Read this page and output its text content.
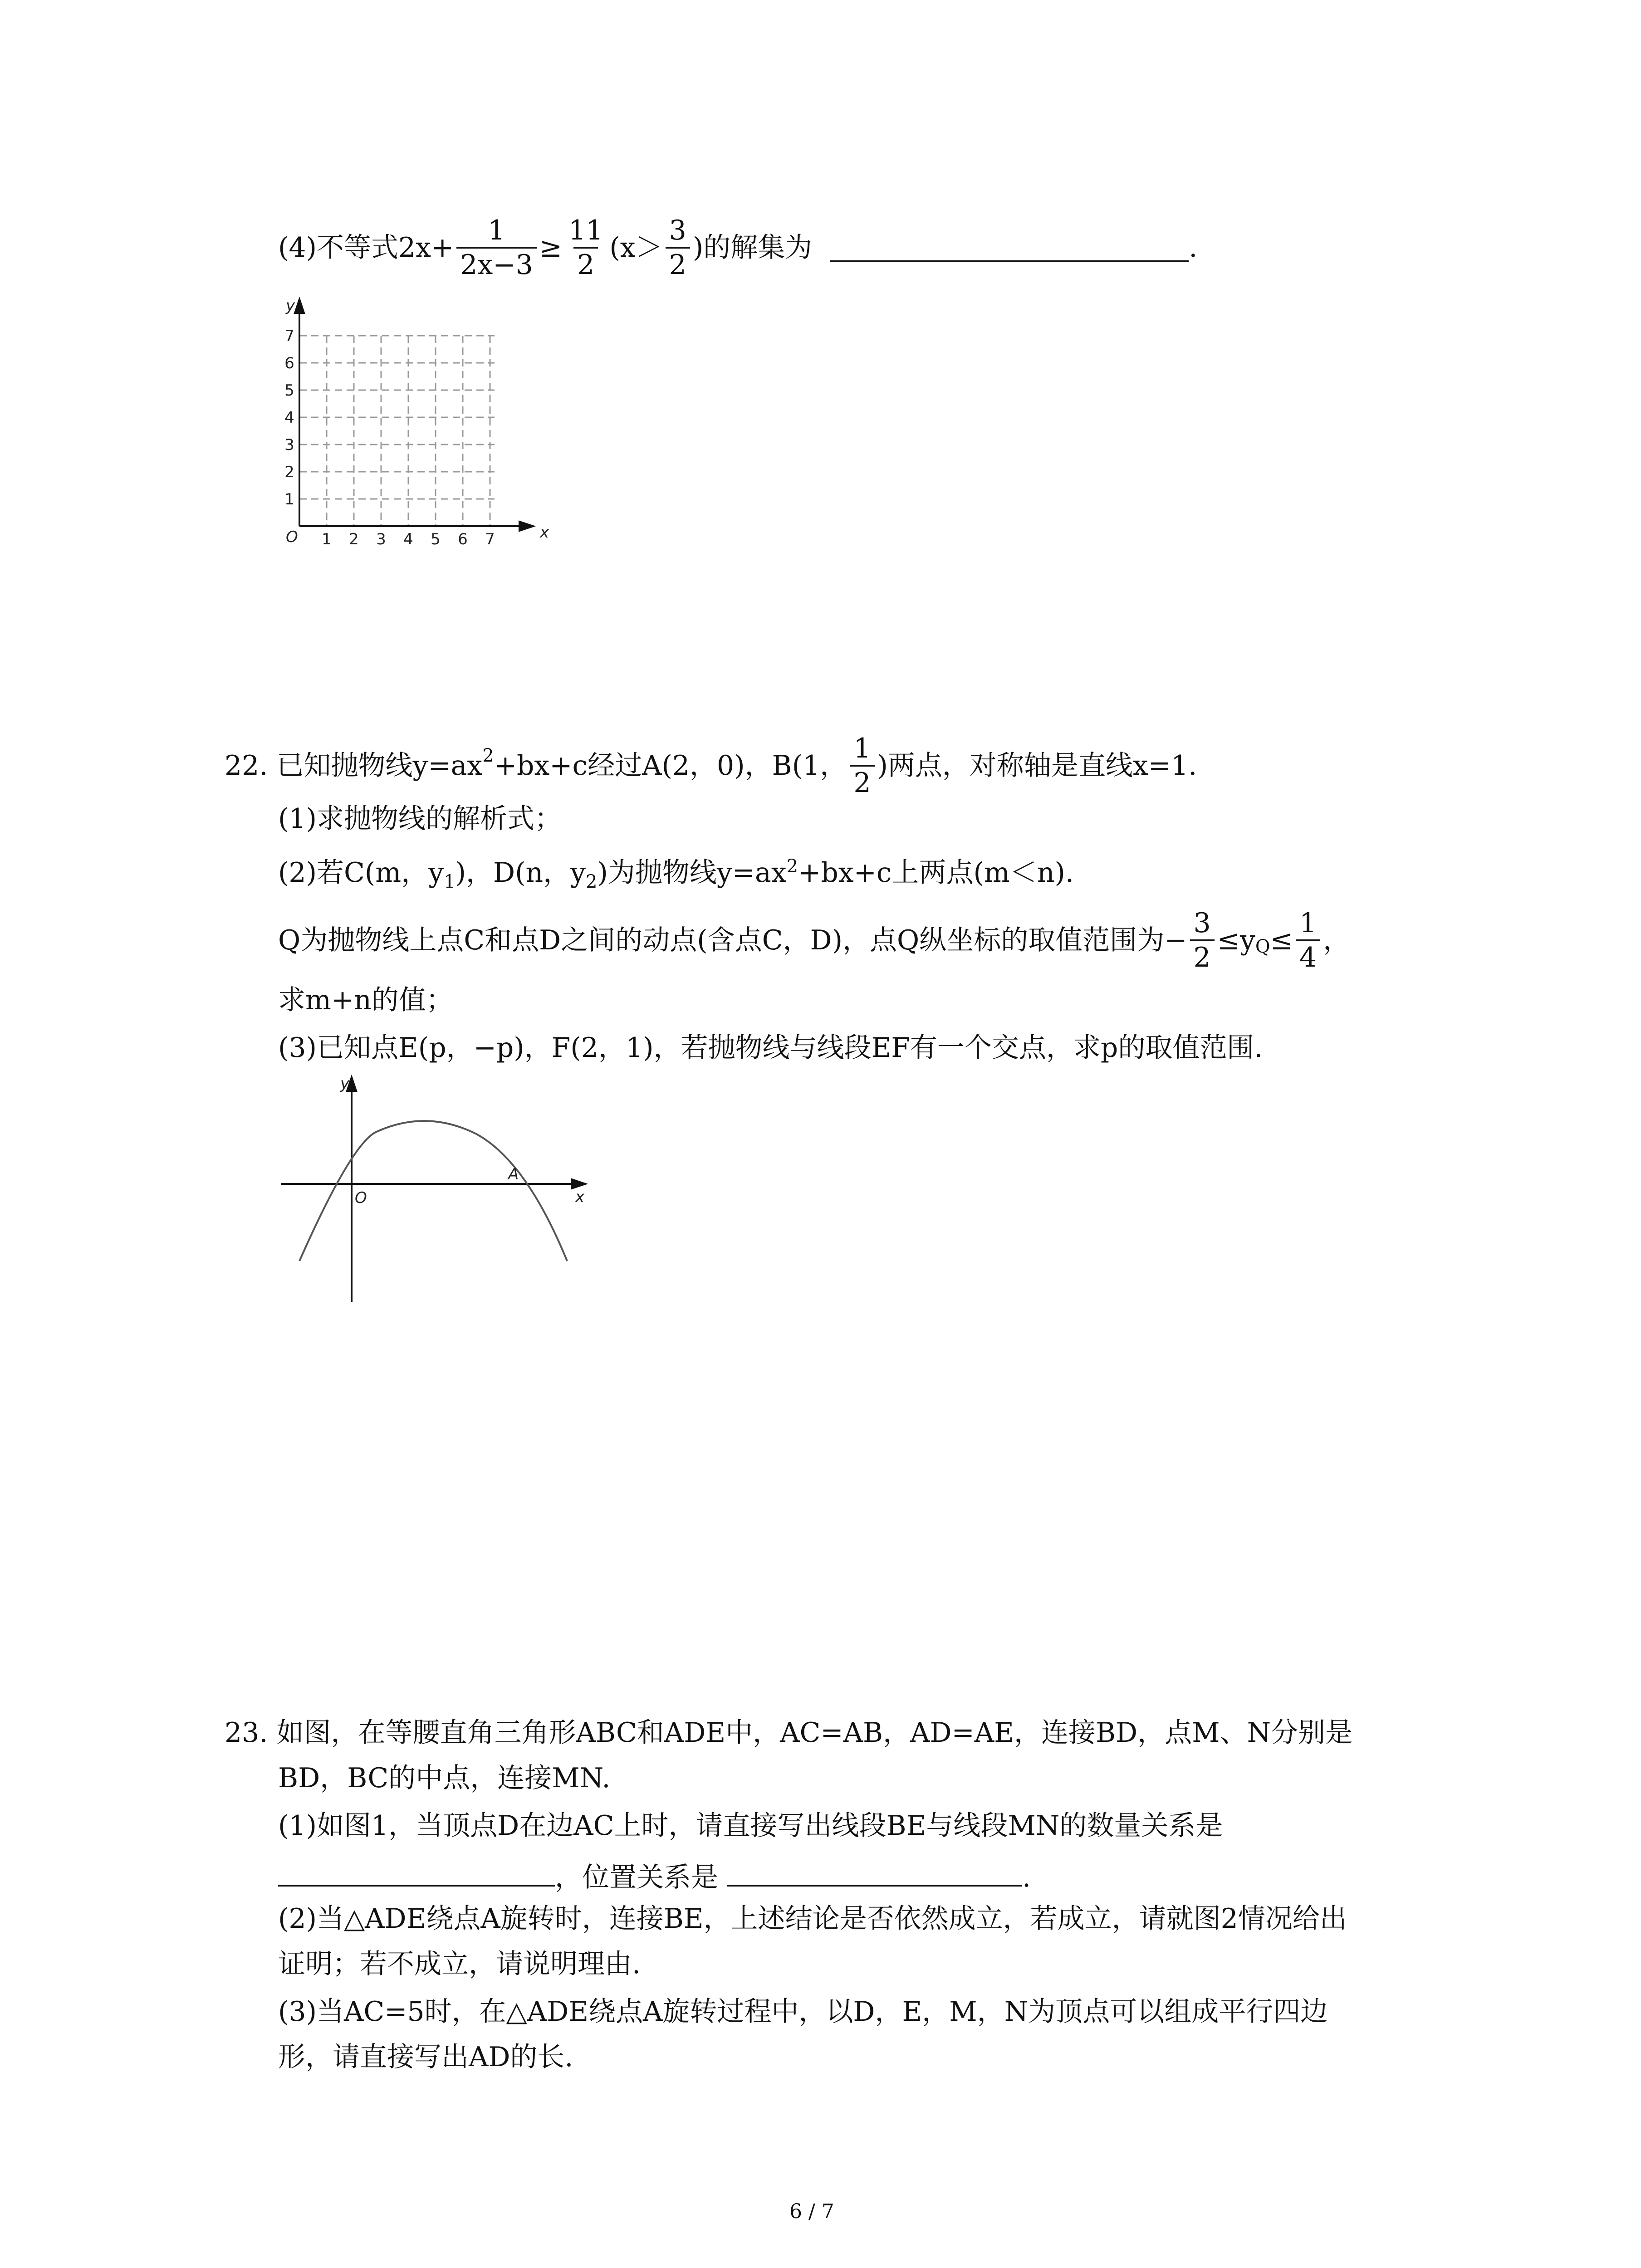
(4)不等式$2x+ \frac{1}{2x-3} \ge \frac{11}{2} (x> \frac{3}{2}$ )的解集为	.
y
x
O 1 2 3 4 5 6 7
1
2
3
4
5
6
7
22. 已知抛物线$y=ax^2 +bx+c$经过A(2，0)，B(1， $\frac{1}{2}$ )两点，对称轴是直线x=1.
(1)求抛物线的解析式；
(2)若C(m，$y_1$)，D(n，$y_2$)为抛物线$y=ax^2+bx+c$上两点(m＜n).
Q为抛物线上点C和点D之间的动点(含点C，D)，点Q纵坐标的取值范围为− $\frac{3}{2} \le y_Q \le \frac{1}{4}$ ，
求m+n的值；
(3)已知点E(p，−p)，F(2，1)，若抛物线与线段EF有一个交点，求p的取值范围.
y
x
O
A
23. 如图，在等腰直角三角形ABC和ADE中，AC=AB，AD=AE，连接BD，点M、N分别是
BD，BC的中点，连接MN.
(1)如图1，当顶点D在边AC上时，请直接写出线段BE与线段MN的数量关系是
，位置关系是	.
(2)当△ADE绕点A旋转时，连接BE，上述结论是否依然成立，若成立，请就图2情况给出
证明；若不成立，请说明理由.
(3)当AC=5时，在△ADE绕点A旋转过程中，以D，E，M，N为顶点可以组成平行四边
形，请直接写出AD的长.
6 / 7
